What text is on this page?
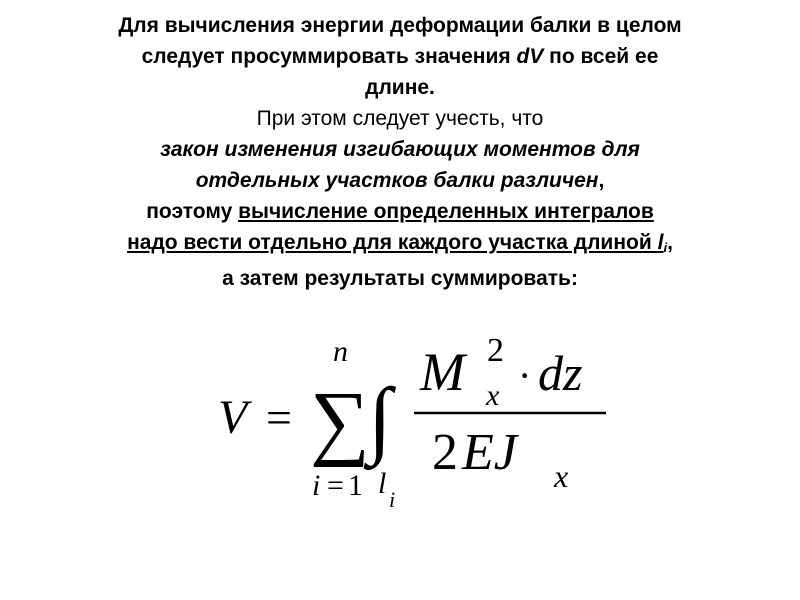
Для вычисления энергии деформации балки в целом
следует просуммировать значения dV по всей ее
длине.
При этом следует учесть, что
закон изменения изгибающих моментов для
отдельных участков балки различен,
поэтому вычисление определенных интегралов
надо вести отдельно для каждого участка длиной li,
а затем результаты суммировать:
V =
n
∑
i = 1
∫
l i
M 2
x · dz
2 EJ x
